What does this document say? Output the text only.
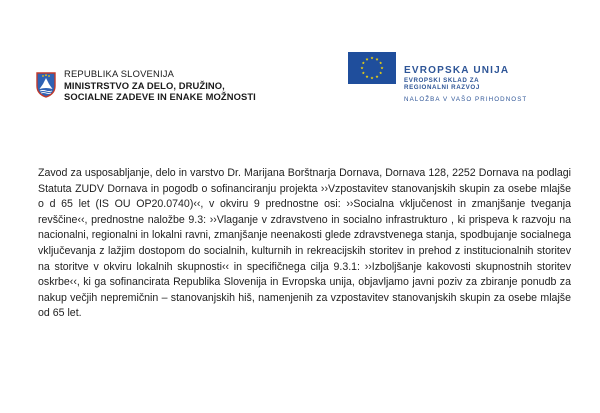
REPUBLIKA SLOVENIJA
MINISTRSTVO ZA DELO, DRUŽINO,
SOCIALNE ZADEVE IN ENAKE MOŽNOSTI
EVROPSKA UNIJA
EVROPSKI SKLAD ZA
REGIONALNI RAZVOJ
NALOŽBA V VAŠO PRIHODNOST

Zavod za usposabljanje, delo in varstvo Dr. Marijana Borštnarja Dornava, Dornava 128, 2252 Dornava na podlagi Statuta ZUDV Dornava in pogodb o sofinanciranju projekta ››Vzpostavitev stanovanjskih skupin za osebe mlajše o d 65 let (IS OU OP20.0740)‹‹, v okviru 9 prednostne osi: ››Socialna vključenost in zmanjšanje tveganja revščine‹‹, prednostne naložbe 9.3: ››Vlaganje v zdravstveno in socialno infrastrukturo , ki prispeva k razvoju na nacionalni, regionalni in lokalni ravni, zmanjšanje neenakosti glede zdravstvenega stanja, spodbujanje socialnega vključevanja z lažjim dostopom do socialnih, kulturnih in rekreacijskih storitev in prehod z institucionalnih storitev na storitve v okviru lokalnih skupnosti‹‹ in specifičnega cilja 9.3.1: ››Izboljšanje kakovosti skupnostnih storitev oskrbe‹‹, ki ga sofinancirata Republika Slovenija in Evropska unija, objavljamo javni poziv za zbiranje ponudb za nakup večjih nepremičnin – stanovanjskih hiš, namenjenih za vzpostavitev stanovanjskih skupin za osebe mlajše od 65 let.
